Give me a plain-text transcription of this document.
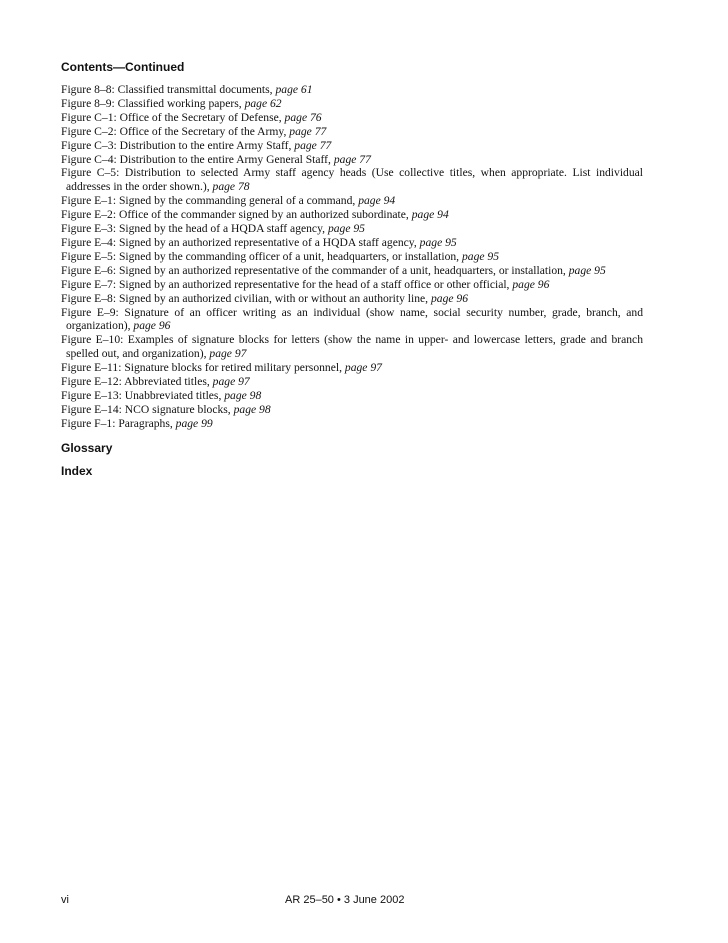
Contents—Continued
Figure 8–8: Classified transmittal documents, page 61
Figure 8–9: Classified working papers, page 62
Figure C–1: Office of the Secretary of Defense, page 76
Figure C–2: Office of the Secretary of the Army, page 77
Figure C–3: Distribution to the entire Army Staff, page 77
Figure C–4: Distribution to the entire Army General Staff, page 77
Figure C–5: Distribution to selected Army staff agency heads (Use collective titles, when appropriate. List individual addresses in the order shown.), page 78
Figure E–1: Signed by the commanding general of a command, page 94
Figure E–2: Office of the commander signed by an authorized subordinate, page 94
Figure E–3: Signed by the head of a HQDA staff agency, page 95
Figure E–4: Signed by an authorized representative of a HQDA staff agency, page 95
Figure E–5: Signed by the commanding officer of a unit, headquarters, or installation, page 95
Figure E–6: Signed by an authorized representative of the commander of a unit, headquarters, or installation, page 95
Figure E–7: Signed by an authorized representative for the head of a staff office or other official, page 96
Figure E–8: Signed by an authorized civilian, with or without an authority line, page 96
Figure E–9: Signature of an officer writing as an individual (show name, social security number, grade, branch, and organization), page 96
Figure E–10: Examples of signature blocks for letters (show the name in upper- and lowercase letters, grade and branch spelled out, and organization), page 97
Figure E–11: Signature blocks for retired military personnel, page 97
Figure E–12: Abbreviated titles, page 97
Figure E–13: Unabbreviated titles, page 98
Figure E–14: NCO signature blocks, page 98
Figure F–1: Paragraphs, page 99
Glossary
Index
vi	AR 25–50 • 3 June 2002
